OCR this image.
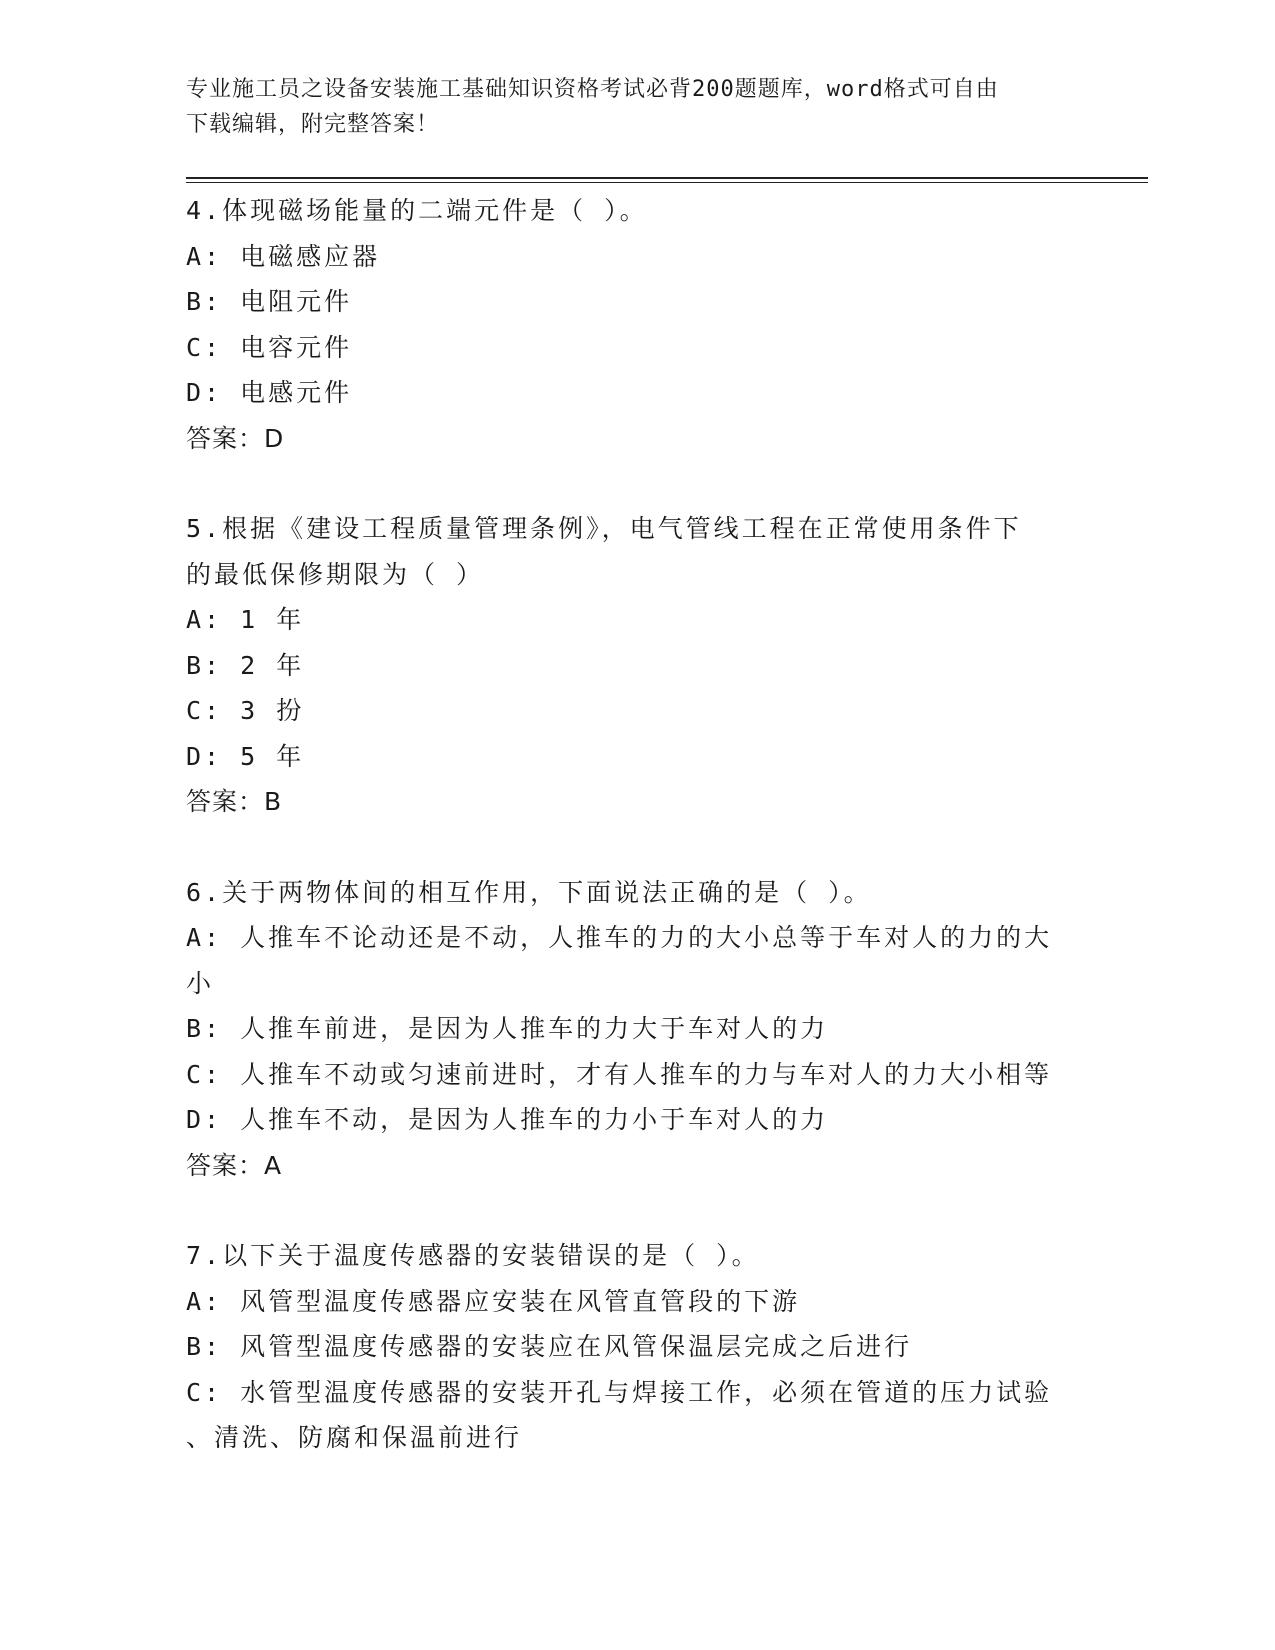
专业施工员之设备安装施工基础知识资格考试必背200题题库，word格式可自由
下载编辑，附完整答案！
4.体现磁场能量的二端元件是（ ）。
A: 电磁感应器
B: 电阻元件
C: 电容元件
D: 电感元件
答案：D
5.根据《建设工程质量管理条例》，电气管线工程在正常使用条件下
的最低保修期限为（ ）
A: 1 年
B: 2 年
C: 3 扮
D: 5 年
答案：B
6.关于两物体间的相互作用，下面说法正确的是（ ）。
A: 人推车不论动还是不动，人推车的力的大小总等于车对人的力的大
小
B: 人推车前进，是因为人推车的力大于车对人的力
C: 人推车不动或匀速前进时，才有人推车的力与车对人的力大小相等
D: 人推车不动，是因为人推车的力小于车对人的力
答案：A
7.以下关于温度传感器的安装错误的是（ ）。
A: 风管型温度传感器应安装在风管直管段的下游
B: 风管型温度传感器的安装应在风管保温层完成之后进行
C: 水管型温度传感器的安装开孔与焊接工作，必须在管道的压力试验
、清洗、防腐和保温前进行
